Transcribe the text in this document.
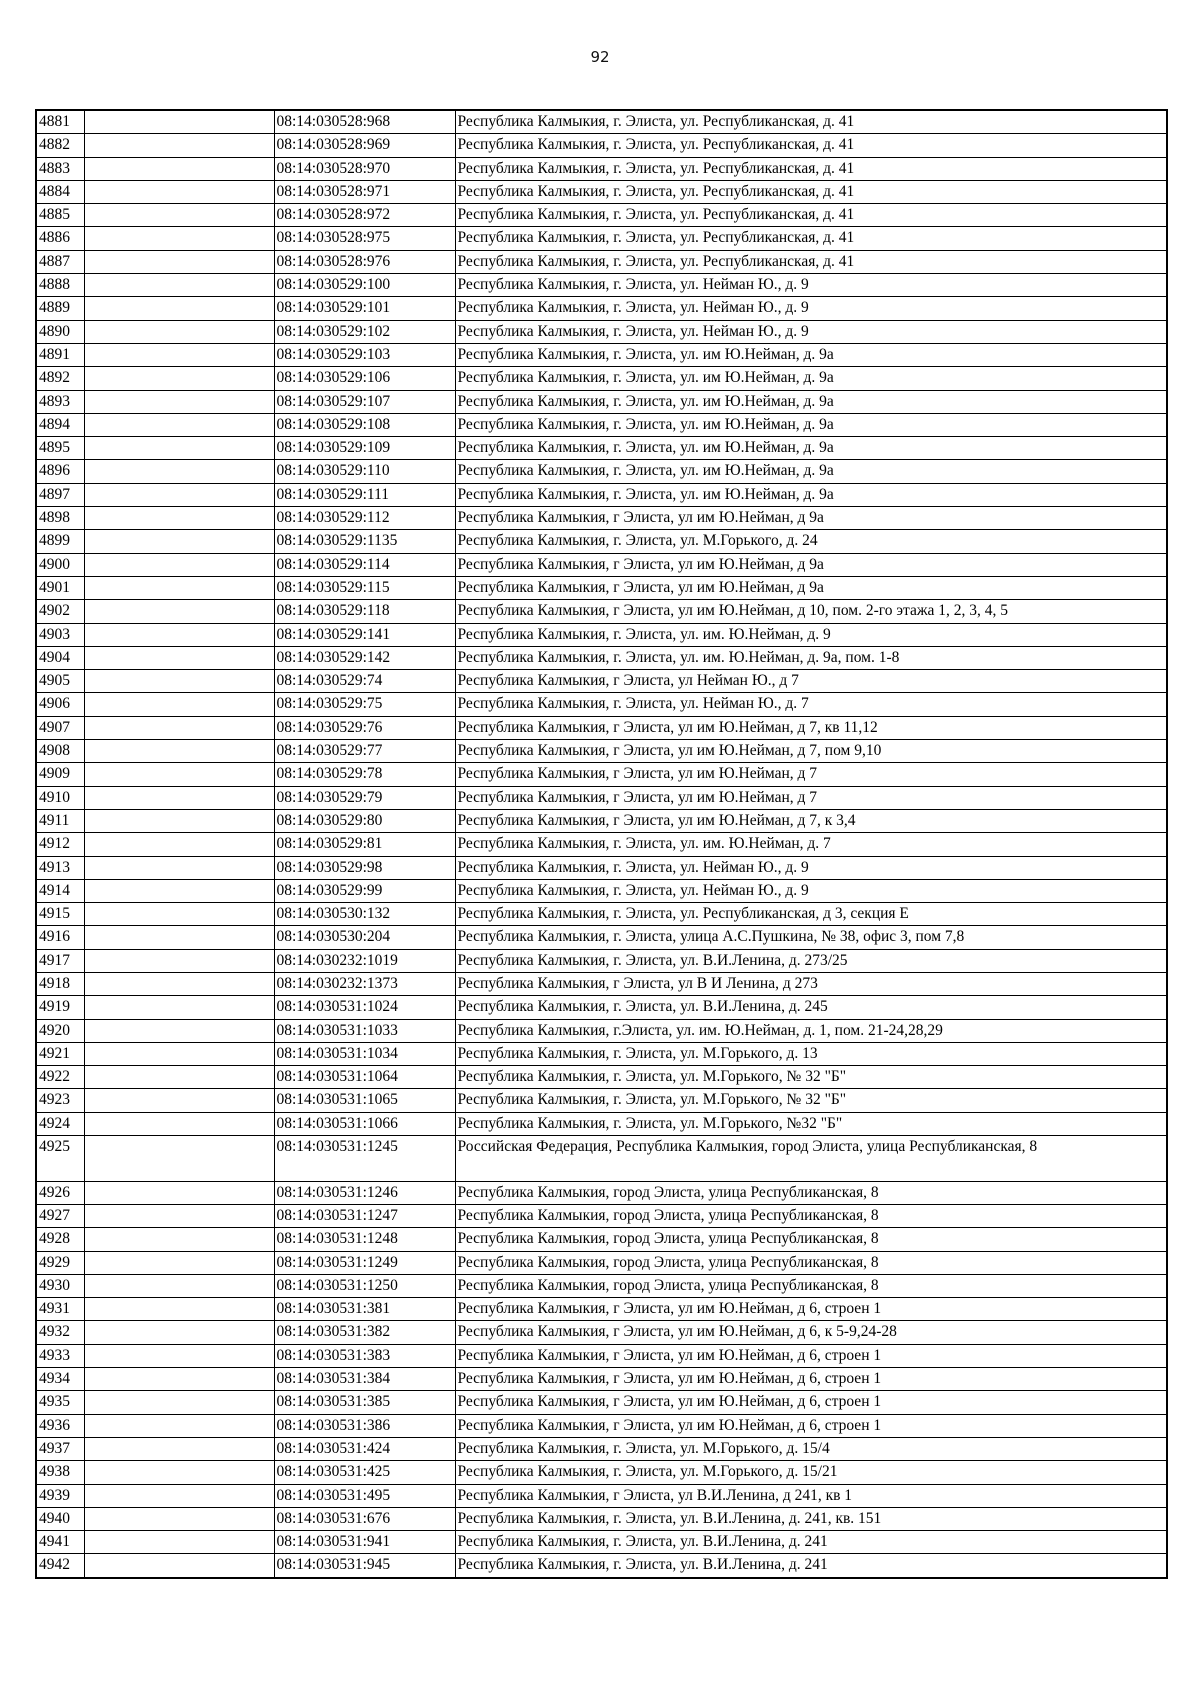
92
4881		08:14:030528:968	Республика Калмыкия, г. Элиста, ул. Республиканская, д. 41
4882		08:14:030528:969	Республика Калмыкия, г. Элиста, ул. Республиканская, д. 41
4883		08:14:030528:970	Республика Калмыкия, г. Элиста, ул. Республиканская, д. 41
4884		08:14:030528:971	Республика Калмыкия, г. Элиста, ул. Республиканская, д. 41
4885		08:14:030528:972	Республика Калмыкия, г. Элиста, ул. Республиканская, д. 41
4886		08:14:030528:975	Республика Калмыкия, г. Элиста, ул. Республиканская, д. 41
4887		08:14:030528:976	Республика Калмыкия, г. Элиста, ул. Республиканская, д. 41
4888		08:14:030529:100	Республика Калмыкия, г. Элиста, ул. Нейман Ю., д. 9
4889		08:14:030529:101	Республика Калмыкия, г. Элиста, ул. Нейман Ю., д. 9
4890		08:14:030529:102	Республика Калмыкия, г. Элиста, ул. Нейман Ю., д. 9
4891		08:14:030529:103	Республика Калмыкия, г. Элиста, ул. им Ю.Нейман, д. 9а
4892		08:14:030529:106	Республика Калмыкия, г. Элиста, ул. им Ю.Нейман, д. 9а
4893		08:14:030529:107	Республика Калмыкия, г. Элиста, ул. им Ю.Нейман, д. 9а
4894		08:14:030529:108	Республика Калмыкия, г. Элиста, ул. им Ю.Нейман, д. 9а
4895		08:14:030529:109	Республика Калмыкия, г. Элиста, ул. им Ю.Нейман, д. 9а
4896		08:14:030529:110	Республика Калмыкия, г. Элиста, ул. им Ю.Нейман, д. 9а
4897		08:14:030529:111	Республика Калмыкия, г. Элиста, ул. им Ю.Нейман, д. 9а
4898		08:14:030529:112	Республика Калмыкия, г Элиста, ул им Ю.Нейман, д 9а
4899		08:14:030529:1135	Республика Калмыкия, г. Элиста, ул. М.Горького, д. 24
4900		08:14:030529:114	Республика Калмыкия, г Элиста, ул им Ю.Нейман, д 9а
4901		08:14:030529:115	Республика Калмыкия, г Элиста, ул им Ю.Нейман, д 9а
4902		08:14:030529:118	Республика Калмыкия, г Элиста, ул им Ю.Нейман, д 10, пом. 2-го этажа 1, 2, 3, 4, 5
4903		08:14:030529:141	Республика Калмыкия, г. Элиста, ул. им. Ю.Нейман, д. 9
4904		08:14:030529:142	Республика Калмыкия, г. Элиста, ул. им. Ю.Нейман, д. 9а, пом. 1-8
4905		08:14:030529:74	Республика Калмыкия, г Элиста, ул Нейман Ю., д 7
4906		08:14:030529:75	Республика Калмыкия, г. Элиста, ул. Нейман Ю., д. 7
4907		08:14:030529:76	Республика Калмыкия, г Элиста, ул им Ю.Нейман, д 7, кв 11,12
4908		08:14:030529:77	Республика Калмыкия, г Элиста, ул им Ю.Нейман, д 7, пом 9,10
4909		08:14:030529:78	Республика Калмыкия, г Элиста, ул им Ю.Нейман, д 7
4910		08:14:030529:79	Республика Калмыкия, г Элиста, ул им Ю.Нейман, д 7
4911		08:14:030529:80	Республика Калмыкия, г Элиста, ул им Ю.Нейман, д 7, к 3,4
4912		08:14:030529:81	Республика Калмыкия, г. Элиста, ул. им. Ю.Нейман, д. 7
4913		08:14:030529:98	Республика Калмыкия, г. Элиста, ул. Нейман Ю., д. 9
4914		08:14:030529:99	Республика Калмыкия, г. Элиста, ул. Нейман Ю., д. 9
4915		08:14:030530:132	Республика Калмыкия, г. Элиста, ул. Республиканская, д 3, секция Е
4916		08:14:030530:204	Республика Калмыкия, г. Элиста, улица А.С.Пушкина, № 38, офис 3, пом 7,8
4917		08:14:030232:1019	Республика Калмыкия, г. Элиста, ул. В.И.Ленина, д. 273/25
4918		08:14:030232:1373	Республика Калмыкия, г Элиста, ул В И Ленина, д 273
4919		08:14:030531:1024	Республика Калмыкия, г. Элиста, ул. В.И.Ленина, д. 245
4920		08:14:030531:1033	Республика Калмыкия, г.Элиста, ул. им. Ю.Нейман, д. 1, пом. 21-24,28,29
4921		08:14:030531:1034	Республика Калмыкия, г. Элиста, ул. М.Горького, д. 13
4922		08:14:030531:1064	Республика Калмыкия, г. Элиста, ул. М.Горького, № 32 "Б"
4923		08:14:030531:1065	Республика Калмыкия, г. Элиста, ул. М.Горького, № 32 "Б"
4924		08:14:030531:1066	Республика Калмыкия, г. Элиста, ул. М.Горького, №32 "Б"
4925		08:14:030531:1245	Российская Федерация, Республика Калмыкия, город Элиста, улица Республиканская, 8
4926		08:14:030531:1246	Республика Калмыкия, город Элиста, улица Республиканская, 8
4927		08:14:030531:1247	Республика Калмыкия, город Элиста, улица Республиканская, 8
4928		08:14:030531:1248	Республика Калмыкия, город Элиста, улица Республиканская, 8
4929		08:14:030531:1249	Республика Калмыкия, город Элиста, улица Республиканская, 8
4930		08:14:030531:1250	Республика Калмыкия, город Элиста, улица Республиканская, 8
4931		08:14:030531:381	Республика Калмыкия, г Элиста, ул им Ю.Нейман, д 6, строен 1
4932		08:14:030531:382	Республика Калмыкия, г Элиста, ул им Ю.Нейман, д 6, к 5-9,24-28
4933		08:14:030531:383	Республика Калмыкия, г Элиста, ул им Ю.Нейман, д 6, строен 1
4934		08:14:030531:384	Республика Калмыкия, г Элиста, ул им Ю.Нейман, д 6, строен 1
4935		08:14:030531:385	Республика Калмыкия, г Элиста, ул им Ю.Нейман, д 6, строен 1
4936		08:14:030531:386	Республика Калмыкия, г Элиста, ул им Ю.Нейман, д 6, строен 1
4937		08:14:030531:424	Республика Калмыкия, г. Элиста, ул. М.Горького, д. 15/4
4938		08:14:030531:425	Республика Калмыкия, г. Элиста, ул. М.Горького, д. 15/21
4939		08:14:030531:495	Республика Калмыкия, г Элиста, ул В.И.Ленина, д 241, кв 1
4940		08:14:030531:676	Республика Калмыкия, г. Элиста, ул. В.И.Ленина, д. 241, кв. 151
4941		08:14:030531:941	Республика Калмыкия, г. Элиста, ул. В.И.Ленина, д. 241
4942		08:14:030531:945	Республика Калмыкия, г. Элиста, ул. В.И.Ленина, д. 241
